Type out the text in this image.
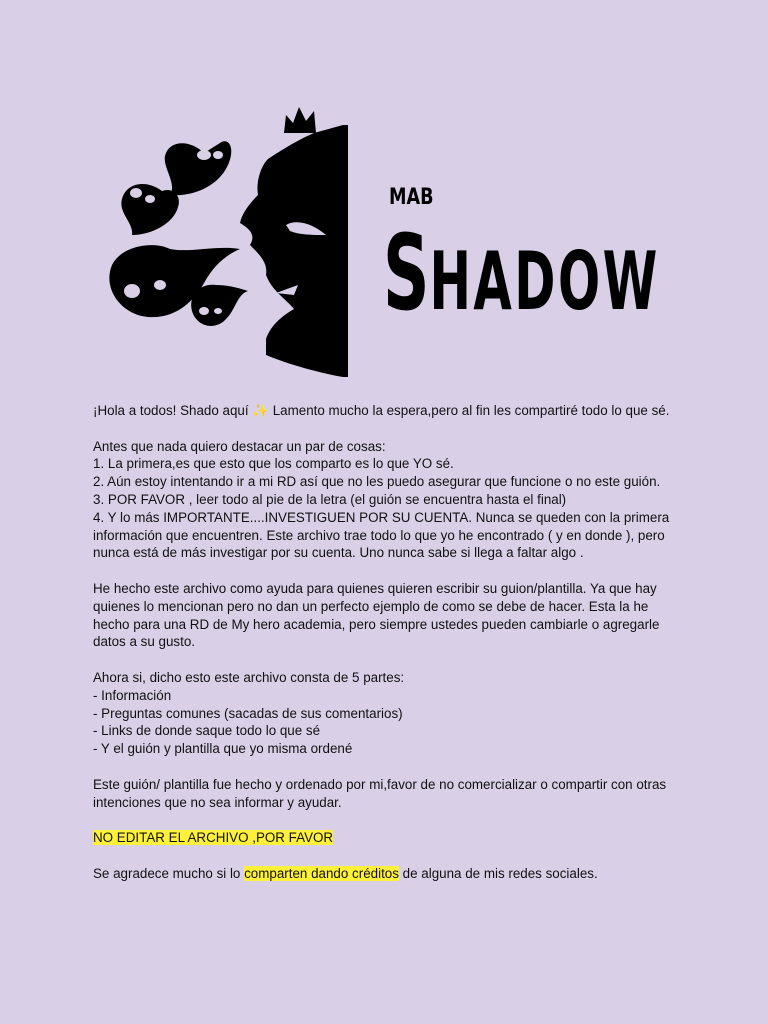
MAB
SHADOW

¡Hola a todos! Shado aquí ✨ Lamento mucho la espera,pero al fin les compartiré todo lo que sé.

Antes que nada quiero destacar un par de cosas:
1. La primera,es que esto que los comparto es lo que YO sé.
2. Aún estoy intentando ir a mi RD así que no les puedo asegurar que funcione o no este guión.
3. POR FAVOR , leer todo al pie de la letra (el guión se encuentra hasta el final)
4. Y lo más IMPORTANTE....INVESTIGUEN POR SU CUENTA. Nunca se queden con la primera información que encuentren. Este archivo trae todo lo que yo he encontrado ( y en donde ), pero nunca está de más investigar por su cuenta. Uno nunca sabe si llega a faltar algo .

He hecho este archivo como ayuda para quienes quieren escribir su guion/plantilla. Ya que hay quienes lo mencionan pero no dan un perfecto ejemplo de como se debe de hacer. Esta la he hecho para una RD de My hero academia, pero siempre ustedes pueden cambiarle o agregarle datos a su gusto.

Ahora si, dicho esto este archivo consta de 5 partes:
- Información
- Preguntas comunes (sacadas de sus comentarios)
- Links de donde saque todo lo que sé
- Y el guión y plantilla que yo misma ordené

Este guión/ plantilla fue hecho y ordenado por mi,favor de no comercializar o compartir con otras intenciones que no sea informar y ayudar.

NO EDITAR EL ARCHIVO ,POR FAVOR

Se agradece mucho si lo comparten dando créditos de alguna de mis redes sociales.
